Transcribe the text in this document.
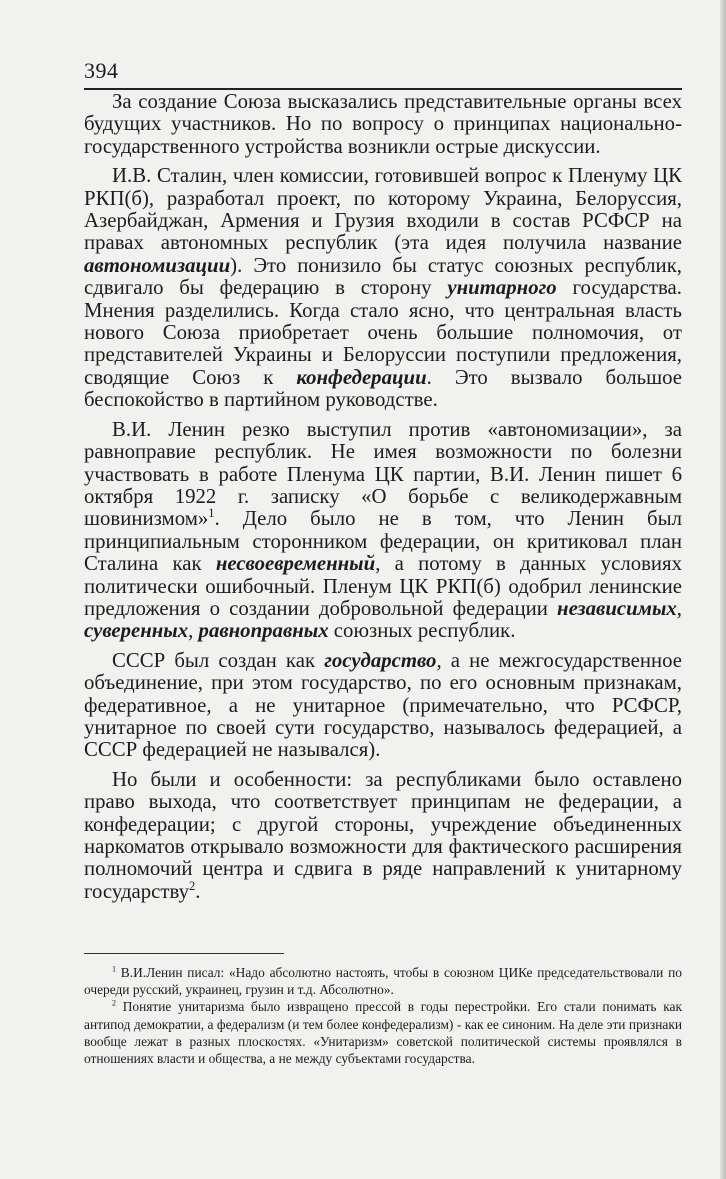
394

За создание Союза высказались представительные органы всех будущих участников. Но по вопросу о принципах национально-государственного устройства возникли острые дискуссии.

И.В. Сталин, член комиссии, готовившей вопрос к Пленуму ЦК РКП(б), разработал проект, по которому Украина, Белоруссия, Азербайджан, Армения и Грузия входили в состав РСФСР на правах автономных республик (эта идея получила название автономизации). Это понизило бы статус союзных республик, сдвигало бы федерацию в сторону унитарного государства. Мнения разделились. Когда стало ясно, что центральная власть нового Союза приобретает очень большие полномочия, от представителей Украины и Белоруссии поступили предложения, сводящие Союз к конфедерации. Это вызвало большое беспокойство в партийном руководстве.

В.И. Ленин резко выступил против «автономизации», за равноправие республик. Не имея возможности по болезни участвовать в работе Пленума ЦК партии, В.И. Ленин пишет 6 октября 1922 г. записку «О борьбе с великодержавным шовинизмом»$^1$. Дело было не в том, что Ленин был принципиальным сторонником федерации, он критиковал план Сталина как несвоевременный, а потому в данных условиях политически ошибочный. Пленум ЦК РКП(б) одобрил ленинские предложения о создании добровольной федерации независимых, суверенных, равноправных союзных республик.

СССР был создан как государство, а не межгосударственное объединение, при этом государство, по его основным признакам, федеративное, а не унитарное (примечательно, что РСФСР, унитарное по своей сути государство, называлось федерацией, а СССР федерацией не назывался).

Но были и особенности: за республиками было оставлено право выхода, что соответствует принципам не федерации, а конфедерации; с другой стороны, учреждение объединенных наркоматов открывало возможности для фактического расширения полномочий центра и сдвига в ряде направлений к унитарному государству$^2$.

$^1$ В.И.Ленин писал: «Надо абсолютно настоять, чтобы в союзном ЦИКе председательствовали по очереди русский, украинец, грузин и т.д. Абсолютно».

$^2$ Понятие унитаризма было извращено прессой в годы перестройки. Его стали понимать как антипод демократии, а федерализм (и тем более конфедерализм) - как ее синоним. На деле эти признаки вообще лежат в разных плоскостях. «Унитаризм» советской политической системы проявлялся в отношениях власти и общества, а не между субъектами государства.
